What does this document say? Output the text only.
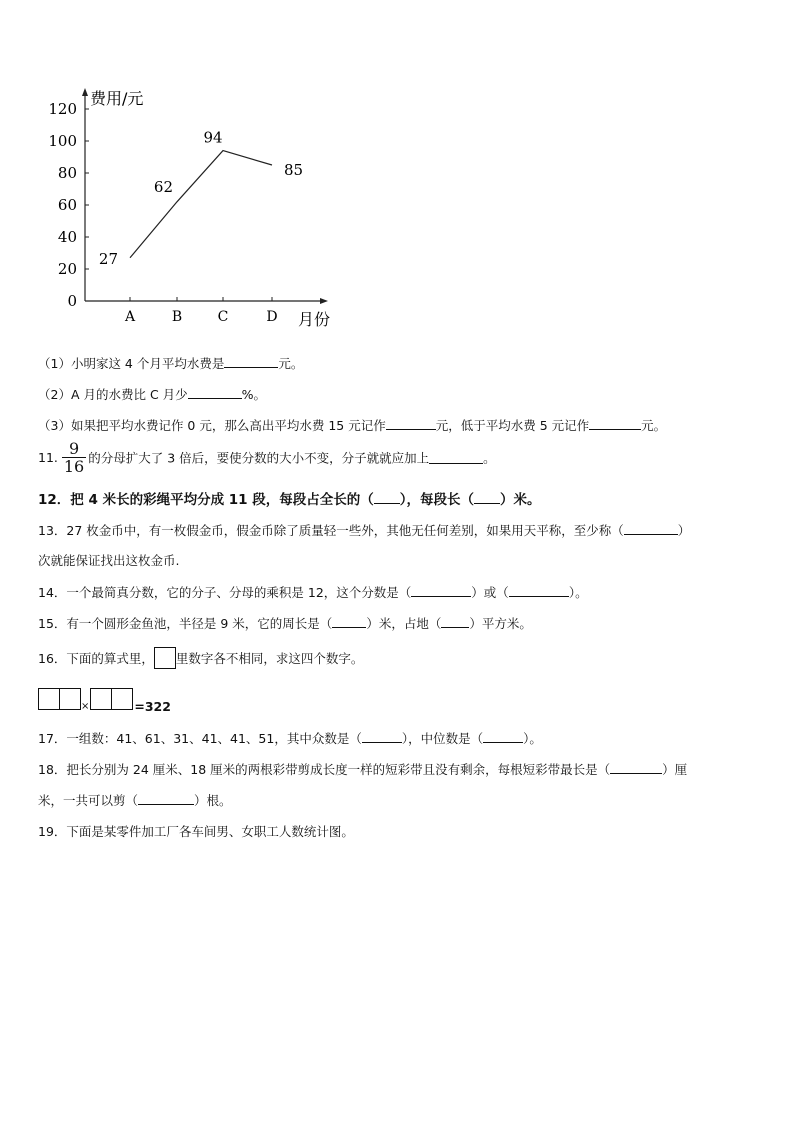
0
20
40
60
80
100
120
A	B	C	D
27
62
94
85
费用/元
月份
（1）小明家这 4 个月平均水费是	元。
（2）A 月的水费比 C 月少	%。
（3）如果把平均水费记作 0 元，那么高出平均水费 15 元记作	元，低于平均水费 5 元记作	元。
11. $\frac{9}{16}$ 的分母扩大了 3 倍后，要使分数的大小不变，分子就就应加上	。
12．把 4 米长的彩绳平均分成 11 段，每段占全长的（ ），每段长（ ）米。
13．27 枚金币中，有一枚假金币，假金币除了质量轻一些外，其他无任何差别，如果用天平称，至少称（	）
次就能保证找出这枚金币.
14．一个最简真分数，它的分子、分母的乘积是 12，这个分数是（	）或（	）。
15．有一个圆形金鱼池，半径是 9 米，它的周长是（	）米，占地（ ）平方米。
16．下面的算式里， 里数字各不相同，求这四个数字。
×	=322
17．一组数：41、61、31、41、41、51，其中众数是（	），中位数是（	）。
18．把长分别为 24 厘米、18 厘米的两根彩带剪成长度一样的短彩带且没有剩余，每根短彩带最长是（	）厘
米，一共可以剪（	）根。
19．下面是某零件加工厂各车间男、女职工人数统计图。
